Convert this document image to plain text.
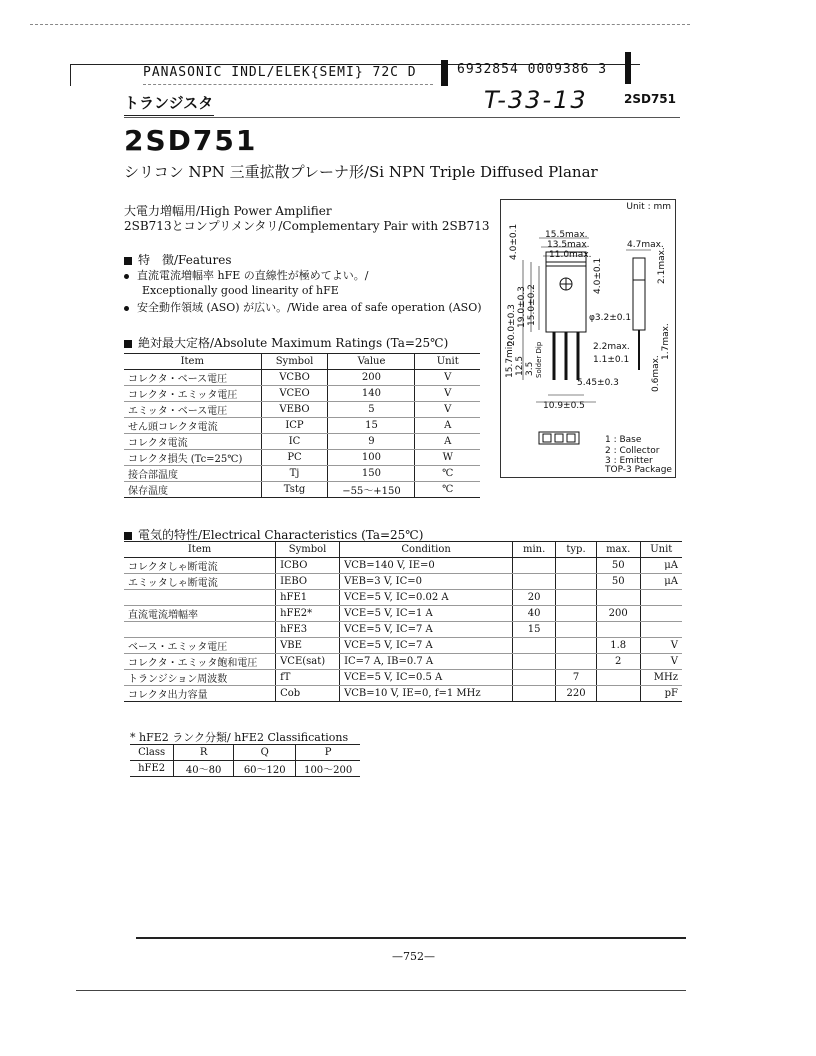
PANASONIC INDL/ELEK{SEMI} 72C D	6932854 0009386 3
トランジスタ	T-33-13	2SD751
2SD751
シリコン NPN 三重拡散プレーナ形/Si NPN Triple Diffused Planar
大電力増幅用/High Power Amplifier
2SB713とコンプリメンタリ/Complementary Pair with 2SB713
特　徴/Features
直流電流増幅率 hFE の直線性が極めてよい。/
Exceptionally good linearity of hFE
安全動作領域 (ASO) が広い。/Wide area of safe operation (ASO)
絶対最大定格/Absolute Maximum Ratings (Ta=25℃)
Item	Symbol	Value	Unit
コレクタ・ベース電圧	VCBO	200	V
コレクタ・エミッタ電圧	VCEO	140	V
エミッタ・ベース電圧	VEBO	5	V
せん頭コレクタ電流	ICP	15	A
コレクタ電流	IC	9	A
コレクタ損失 (Tc=25℃)	PC	100	W
接合部温度	Tj	150	℃
保存温度	Tstg	−55〜+150	℃
Unit : mm
15.5max.
13.5max.
11.0max.
4.7max.
4.0±0.1
4.0±0.1	2.1max.
φ3.2±0.1
20.0±0.3 19.0±0.3 15.0±0.2
2.2max.
1.1±0.1
5.45±0.3
10.9±0.5
15.7min. 12.5 3.5 Solder Dip	0.6max.
1.7max.
1 : Base
2 : Collector
3 : Emitter
TOP-3 Package
電気的特性/Electrical Characteristics (Ta=25℃)
Item	Symbol	Condition	min.	typ.	max.	Unit
コレクタしゃ断電流	ICBO	VCB=140 V, IE=0			50	μA
エミッタしゃ断電流	IEBO	VEB=3 V, IC=0			50	μA
	hFE1	VCE=5 V, IC=0.02 A	20			
直流電流増幅率	hFE2*	VCE=5 V, IC=1 A	40		200	
	hFE3	VCE=5 V, IC=7 A	15			
ベース・エミッタ電圧	VBE	VCE=5 V, IC=7 A			1.8	V
コレクタ・エミッタ飽和電圧	VCE(sat)	IC=7 A, IB=0.7 A			2	V
トランジション周波数	fT	VCE=5 V, IC=0.5 A		7		MHz
コレクタ出力容量	Cob	VCB=10 V, IE=0, f=1 MHz		220		pF
* hFE2 ランク分類/ hFE2 Classifications
Class	R	Q	P
hFE2	40〜80	60〜120	100〜200
—752—
